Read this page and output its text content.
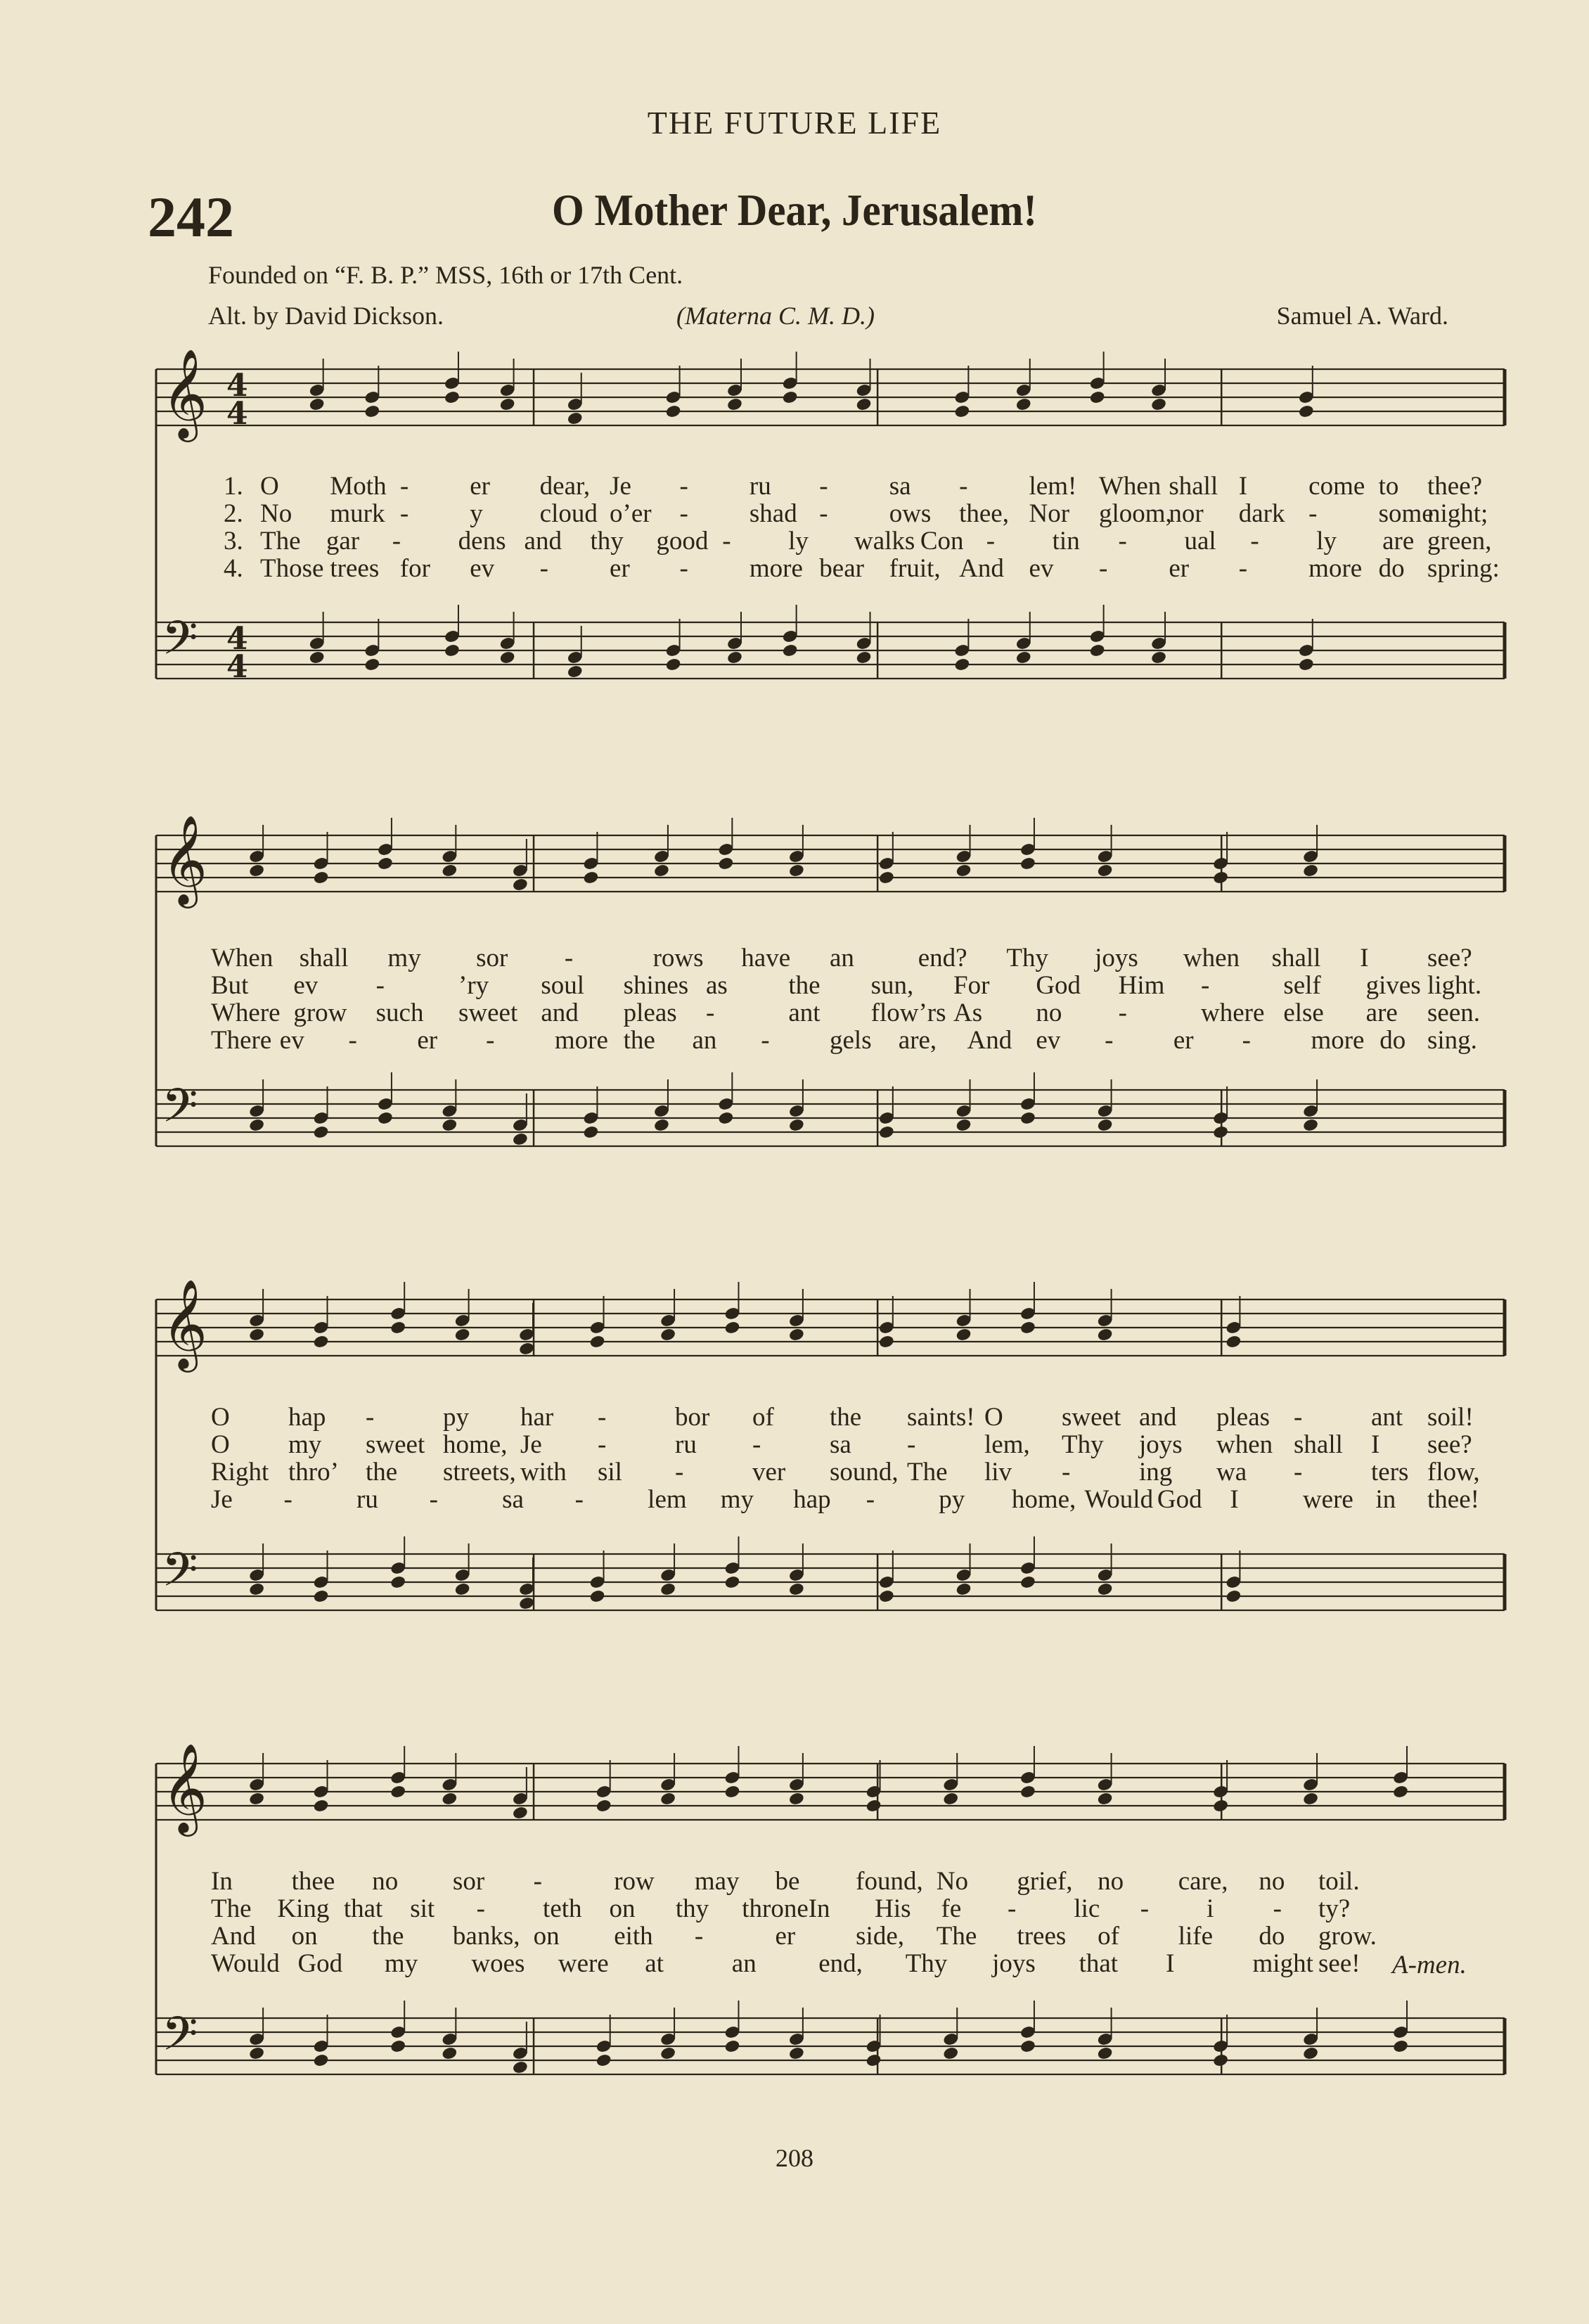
THE FUTURE LIFE
242	O Mother Dear, Jerusalem!
Founded on “F. B. P.” MSS, 16th or 17th Cent.
Alt. by David Dickson.	(Materna C. M. D.)	Samuel A. Ward.
𝄞 4
4
𝄢 4
4
1. O Moth - er dear, Je - ru - sa - lem! When shall I come to thee?
2. No murk - y cloud o’er - shad - ows thee, Nor gloom,
nor dark - some
night;
3. The gar - dens and thy good - ly walks Con - tin - ual - ly are green,
4. Those trees for ev - er - more bear fruit, And ev - er - more do spring:
𝄞
𝄢
When shall my sor -	rows have an end? Thy joys when shall I see?
But ev -	’ry soul shines as the sun, For God Him -	self gives light.
Where grow such sweet and pleas -	ant flow’rs As no -	where else are seen.
There ev - er - more the an - gels are, And ev - er - more do sing.
𝄞
𝄢
O hap -	py har -	bor of the saints! O sweet and pleas -	ant soil!
O my sweet home, Je -	ru -	sa -	lem, Thy joys when shall I see?
Right thro’ the streets, with sil -	ver sound, The liv -	ing wa -	ters flow,
Je - ru - sa - lem my hap - py home, Would God I were in thee!
𝄞
𝄢
In thee no sor -	row may be found, No grief, no care, no toil.
The King that sit - teth on thy throne In His fe - lic - i - ty?
And on the banks, on eith -	er side, The trees of life do grow.
Would God my woes were at	an end, Thy joys that I	might see! A-men.
208
